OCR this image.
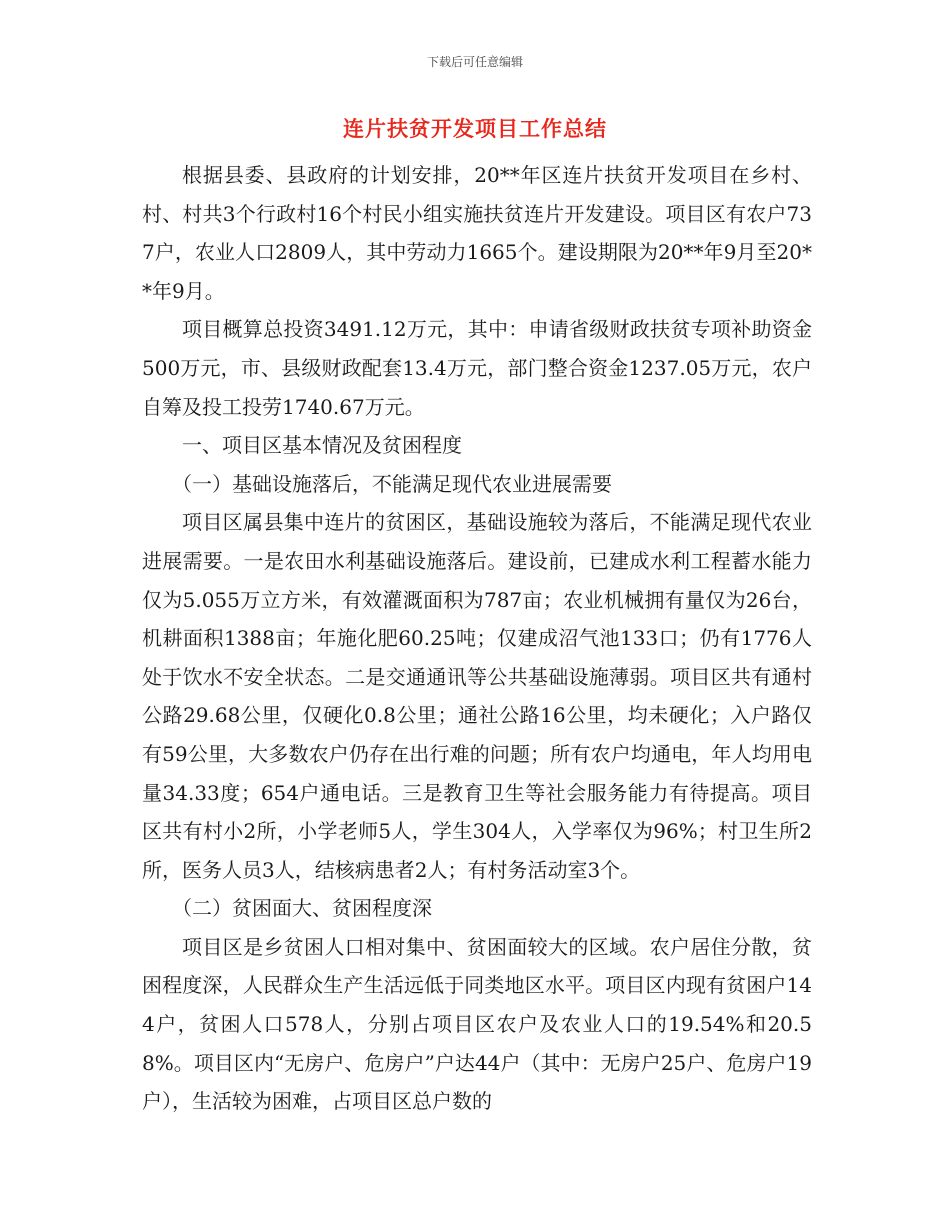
下载后可任意编辑
连片扶贫开发项目工作总结

根据县委、县政府的计划安排，20**年区连片扶贫开发项目在乡村、村、村共3个行政村16个村民小组实施扶贫连片开发建设。项目区有农户737户，农业人口2809人，其中劳动力1665个。建设期限为20**年9月至20**年9月。

项目概算总投资3491.12万元，其中：申请省级财政扶贫专项补助资金500万元，市、县级财政配套13.4万元，部门整合资金1237.05万元，农户自筹及投工投劳1740.67万元。

一、项目区基本情况及贫困程度

（一）基础设施落后，不能满足现代农业进展需要

项目区属县集中连片的贫困区，基础设施较为落后，不能满足现代农业进展需要。一是农田水利基础设施落后。建设前，已建成水利工程蓄水能力仅为5.055万立方米，有效灌溉面积为787亩；农业机械拥有量仅为26台，机耕面积1388亩；年施化肥60.25吨；仅建成沼气池133口；仍有1776人处于饮水不安全状态。二是交通通讯等公共基础设施薄弱。项目区共有通村公路29.68公里，仅硬化0.8公里；通社公路16公里，均未硬化；入户路仅有59公里，大多数农户仍存在出行难的问题；所有农户均通电，年人均用电量34.33度；654户通电话。三是教育卫生等社会服务能力有待提高。项目区共有村小2所，小学老师5人，学生304人，入学率仅为96%；村卫生所2所，医务人员3人，结核病患者2人；有村务活动室3个。

（二）贫困面大、贫困程度深

项目区是乡贫困人口相对集中、贫困面较大的区域。农户居住分散，贫困程度深，人民群众生产生活远低于同类地区水平。项目区内现有贫困户144户，贫困人口578人，分别占项目区农户及农业人口的19.54%和20.58%。项目区内“无房户、危房户”户达44户（其中：无房户25户、危房户19户），生活较为困难，占项目区总户数的
